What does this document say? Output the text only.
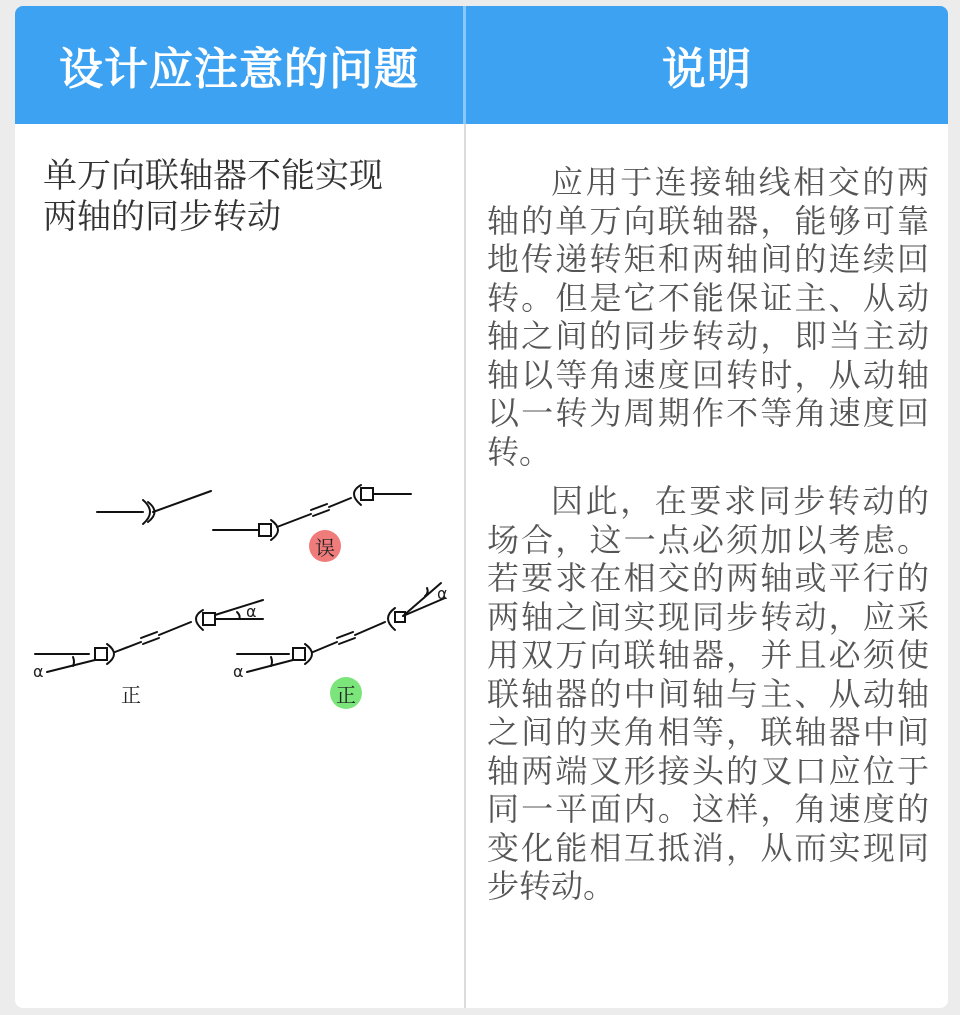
设计应注意的问题	说明

单万向联轴器不能实现
两轴的同步转动

α
α
α
α
误
正	正

应用于连接轴线相交的两轴的单万向联轴器，能够可靠地传递转矩和两轴间的连续回转。但是它不能保证主、从动轴之间的同步转动，即当主动轴以等角速度回转时，从动轴以一转为周期作不等角速度回转。

因此，在要求同步转动的场合，这一点必须加以考虑。若要求在相交的两轴或平行的两轴之间实现同步转动，应采用双万向联轴器，并且必须使联轴器的中间轴与主、从动轴之间的夹角相等，联轴器中间轴两端叉形接头的叉口应位于同一平面内。这样，角速度的变化能相互抵消，从而实现同步转动。
